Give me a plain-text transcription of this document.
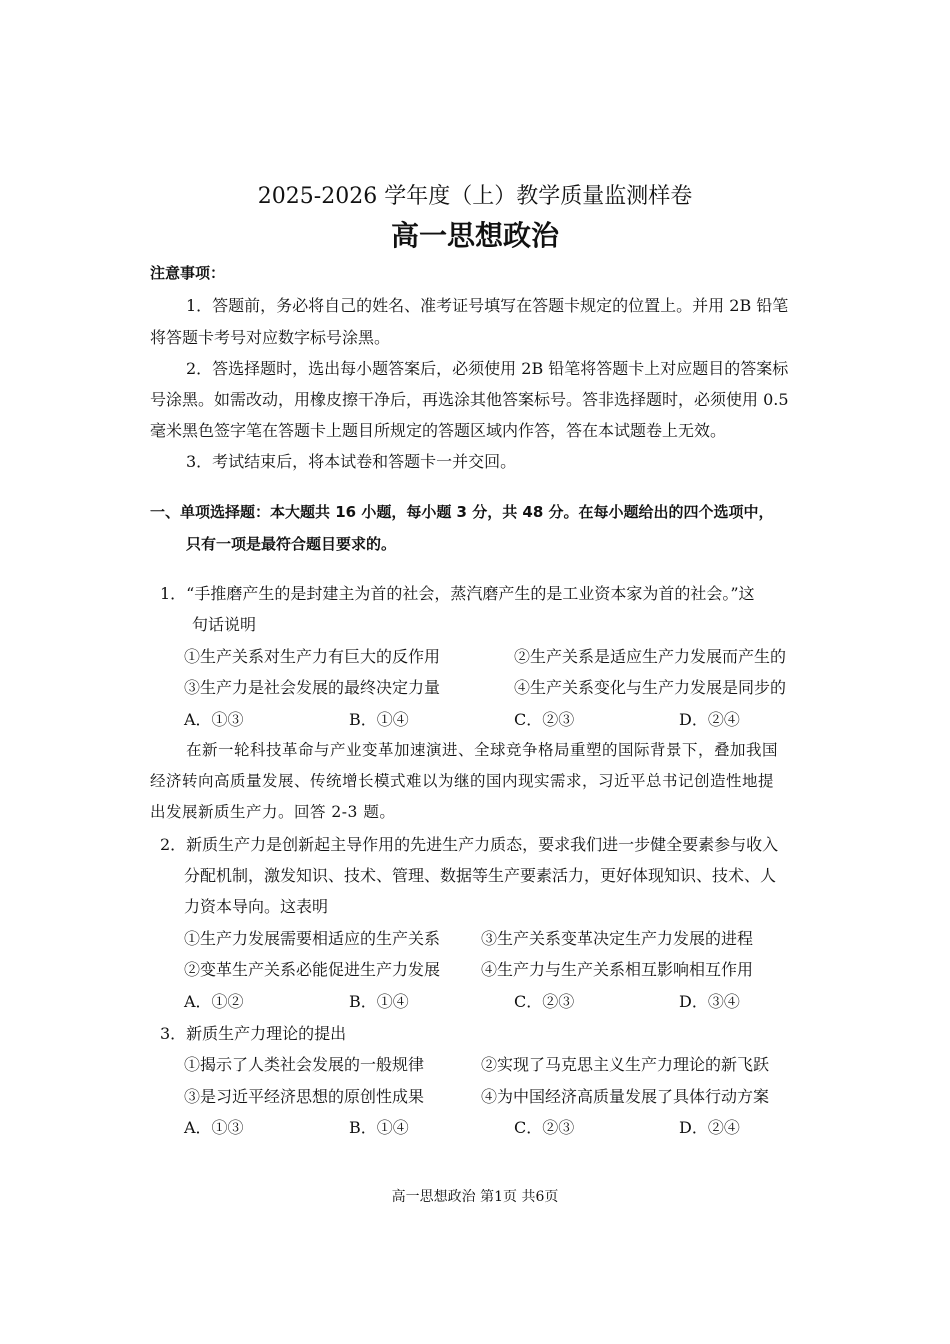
2025-2026 学年度（上）教学质量监测样卷
高一思想政治
注意事项：
1．答题前，务必将自己的姓名、准考证号填写在答题卡规定的位置上。并用 2B 铅笔
将答题卡考号对应数字标号涂黑。
2．答选择题时，选出每小题答案后，必须使用 2B 铅笔将答题卡上对应题目的答案标
号涂黑。如需改动，用橡皮擦干净后，再选涂其他答案标号。答非选择题时，必须使用 0.5
毫米黑色签字笔在答题卡上题目所规定的答题区域内作答，答在本试题卷上无效。
3．考试结束后，将本试卷和答题卡一并交回。
一、单项选择题：本大题共 16 小题，每小题 3 分，共 48 分。在每小题给出的四个选项中，
只有一项是最符合题目要求的。
1．“手推磨产生的是封建主为首的社会，蒸汽磨产生的是工业资本家为首的社会。”这
句话说明
①生产关系对生产力有巨大的反作用	②生产关系是适应生产力发展而产生的
③生产力是社会发展的最终决定力量	④生产关系变化与生产力发展是同步的
A．①③	B．①④	C．②③	D．②④
在新一轮科技革命与产业变革加速演进、全球竞争格局重塑的国际背景下，叠加我国
经济转向高质量发展、传统增长模式难以为继的国内现实需求，习近平总书记创造性地提
出发展新质生产力。回答 2-3 题。
2．新质生产力是创新起主导作用的先进生产力质态，要求我们进一步健全要素参与收入
分配机制，激发知识、技术、管理、数据等生产要素活力，更好体现知识、技术、人
力资本导向。这表明
①生产力发展需要相适应的生产关系	③生产关系变革决定生产力发展的进程
②变革生产关系必能促进生产力发展	④生产力与生产关系相互影响相互作用
A．①②	B．①④	C．②③	D．③④
3．新质生产力理论的提出
①揭示了人类社会发展的一般规律	②实现了马克思主义生产力理论的新飞跃
③是习近平经济思想的原创性成果	④为中国经济高质量发展了具体行动方案
A．①③	B．①④	C．②③	D．②④
高一思想政治 第1页 共6页
